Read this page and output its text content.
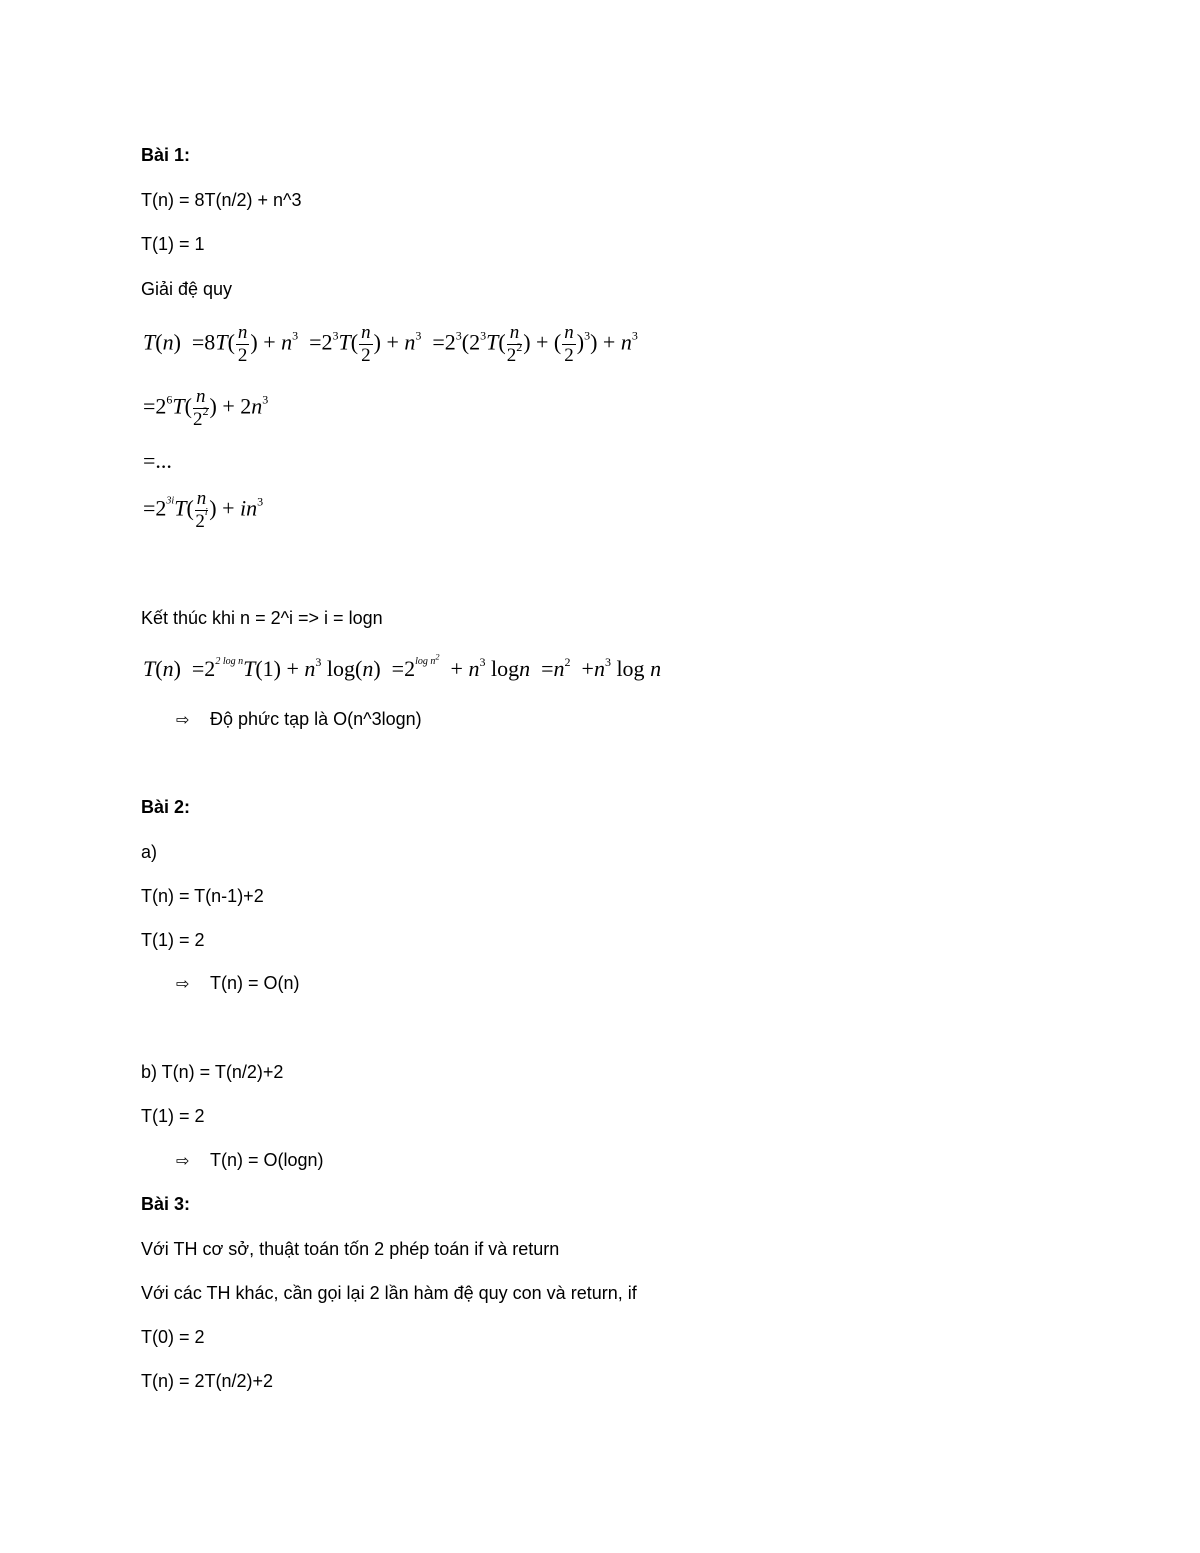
Bài 1:
T(n) = 8T(n/2) + n^3
T(1) = 1
Giải đệ quy
$T(n) =8T( \frac{n}{2}$ ) + $n^3 =2^3T( \frac{n}{2}$ ) + $n^3 =2^3(2^3T( \frac{n}{2^2}$ ) + ( $\frac{n}{2} )^3) + n^3$
$=2^6T( \frac{n}{2^2}$ ) + $2n^3$
=...
$=2^{3i}T( \frac{n}{2^i}$ ) + $in^3$
Kết thúc khi n = 2^i => i = logn
$T(n) =2^{2 log n}T(1) + n^3$ $\log(n) =2^{log n^2} + n^3$ $\log n =n^2 +n^3$ log n
⇨ Độ phức tạp là O(n^3logn)
Bài 2:
a)
T(n) = T(n-1)+2
T(1) = 2
⇨ T(n) = O(n)
b) T(n) = T(n/2)+2
T(1) = 2
⇨ T(n) = O(logn)
Bài 3:
Với TH cơ sở, thuật toán tốn 2 phép toán if và return
Với các TH khác, cần gọi lại 2 lần hàm đệ quy con và return, if
T(0) = 2
T(n) = 2T(n/2)+2
